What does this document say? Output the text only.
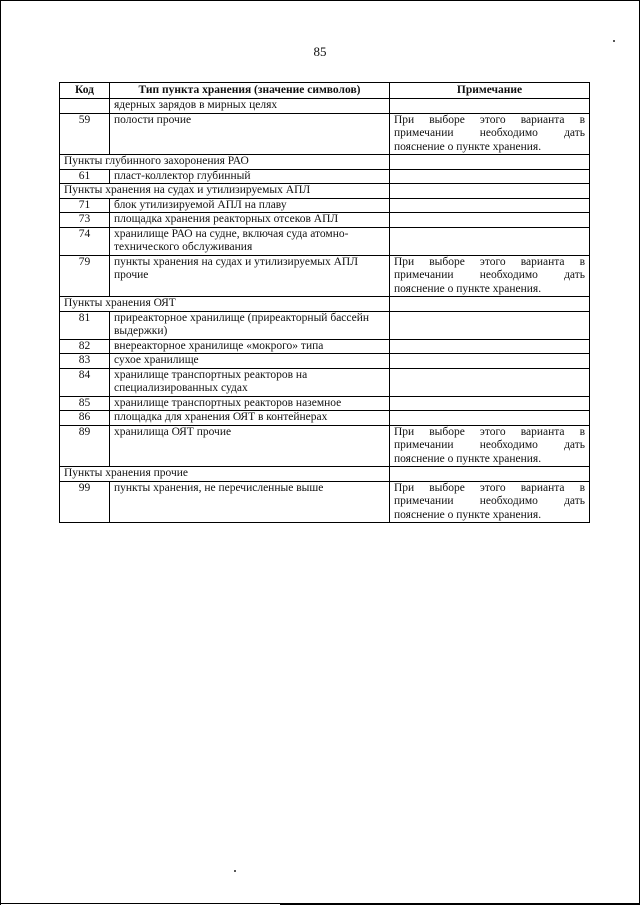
85
Код	Тип пункта хранения (значение символов)	Примечание
	ядерных зарядов в мирных целях	
59	полости прочие	При выборе этого варианта в примечании необходимо дать пояснение о пункте хранения.
Пункты глубинного захоронения РАО		
61	пласт-коллектор глубинный	
Пункты хранения на судах и утилизируемых АПЛ		
71	блок утилизируемой АПЛ на плаву	
73	площадка хранения реакторных отсеков АПЛ	
74	хранилище РАО на судне, включая суда атомно-технического обслуживания	
79	пункты хранения на судах и утилизируемых АПЛ прочие	При выборе этого варианта в примечании необходимо дать пояснение о пункте хранения.
Пункты хранения ОЯТ		
81	приреакторное хранилище (приреакторный бассейн выдержки)	
82	внереакторное хранилище «мокрого» типа	
83	сухое хранилище	
84	хранилище транспортных реакторов на специализированных судах	
85	хранилище транспортных реакторов наземное	
86	площадка для хранения ОЯТ в контейнерах	
89	хранилища ОЯТ прочие	При выборе этого варианта в примечании необходимо дать пояснение о пункте хранения.
Пункты хранения прочие		
99	пункты хранения, не перечисленные выше	При выборе этого варианта в примечании необходимо дать пояснение о пункте хранения.
